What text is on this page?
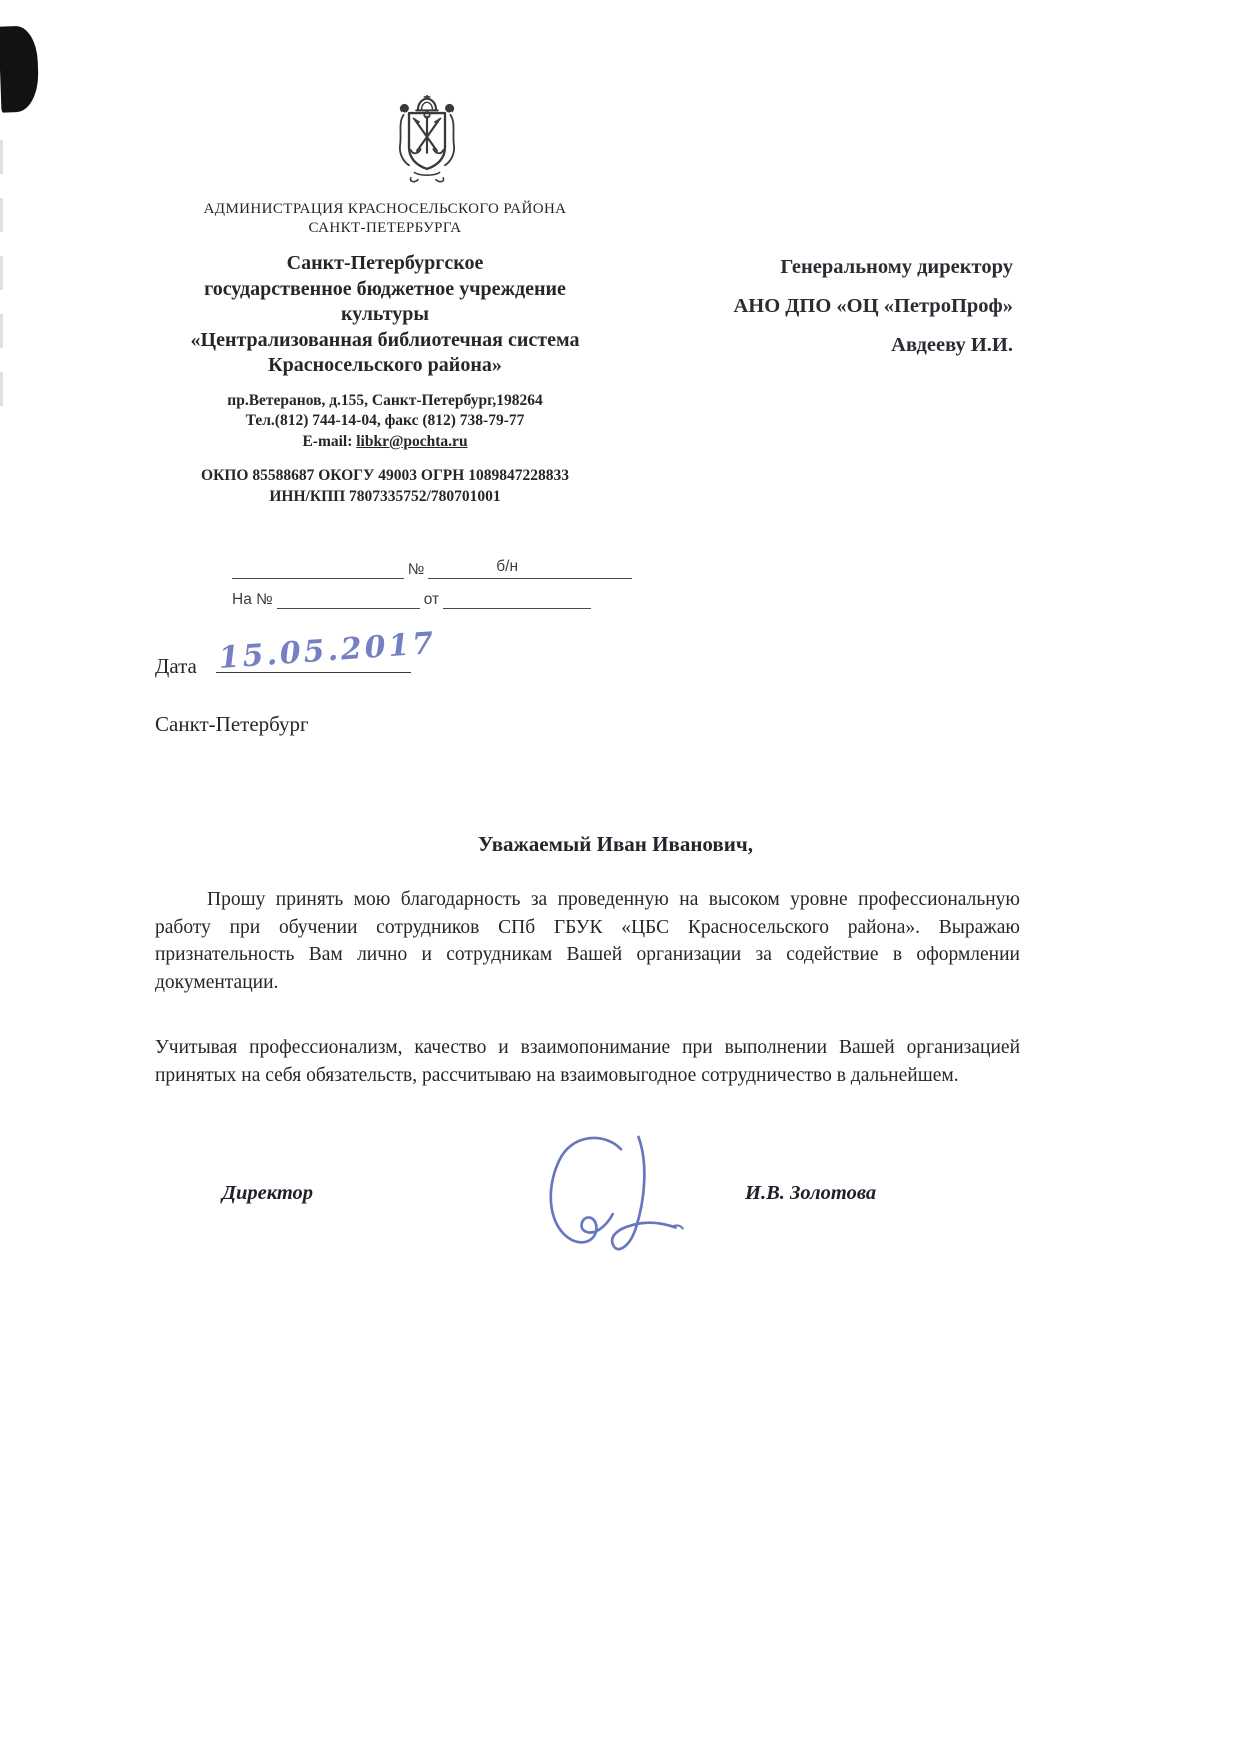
АДМИНИСТРАЦИЯ КРАСНОСЕЛЬСКОГО РАЙОНА
САНКТ-ПЕТЕРБУРГА
Санкт-Петербургское
государственное бюджетное учреждение
культуры
«Централизованная библиотечная система
Красносельского района»
пр.Ветеранов, д.155, Санкт-Петербург,198264
Тел.(812) 744-14-04, факс (812) 738-79-77
E-mail: libkr@pochta.ru
ОКПО 85588687 ОКОГУ 49003 ОГРН 1089847228833
ИНН/КПП 7807335752/780701001
№	б/н
На №	от
Генеральному директору
АНО ДПО «ОЦ «ПетроПроф»
Авдееву И.И.
Дата 15.05.2017
Санкт-Петербург
Уважаемый Иван Иванович,

Прошу принять мою благодарность за проведенную на высоком уровне профессиональную работу при обучении сотрудников СПб ГБУК «ЦБС Красносельского района». Выражаю признательность Вам лично и сотрудникам Вашей организации за содействие в оформлении документации.

Учитывая профессионализм, качество и взаимопонимание при выполнении Вашей организацией принятых на себя обязательств, рассчитываю на взаимовыгодное сотрудничество в дальнейшем.

Директор	И.В. Золотова
